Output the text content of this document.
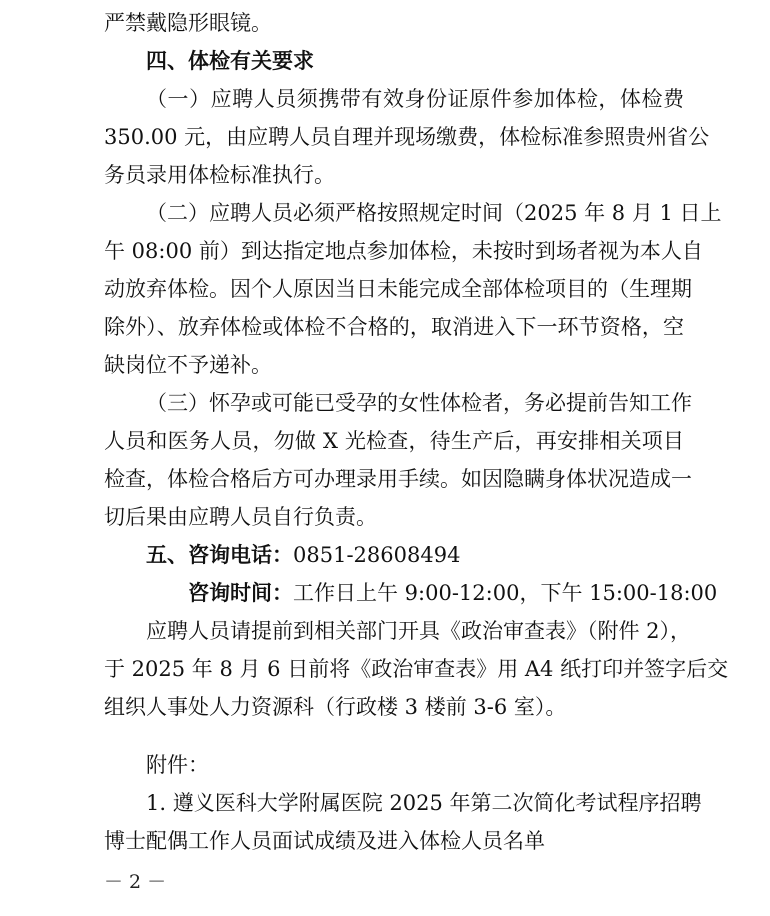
严禁戴隐形眼镜。
四、体检有关要求
（一）应聘人员须携带有效身份证原件参加体检，体检费
350.00 元，由应聘人员自理并现场缴费，体检标准参照贵州省公
务员录用体检标准执行。
（二）应聘人员必须严格按照规定时间（2025 年 8 月 1 日上
午 08:00 前）到达指定地点参加体检，未按时到场者视为本人自
动放弃体检。因个人原因当日未能完成全部体检项目的（生理期
除外）、放弃体检或体检不合格的，取消进入下一环节资格，空
缺岗位不予递补。
（三）怀孕或可能已受孕的女性体检者，务必提前告知工作
人员和医务人员，勿做 X 光检查，待生产后，再安排相关项目
检查，体检合格后方可办理录用手续。如因隐瞒身体状况造成一
切后果由应聘人员自行负责。
五、咨询电话：0851-28608494
咨询时间：工作日上午 9:00-12:00，下午 15:00-18:00
应聘人员请提前到相关部门开具《政治审查表》（附件 2），
于 2025 年 8 月 6 日前将《政治审查表》用 A4 纸打印并签字后交
组织人事处人力资源科（行政楼 3 楼前 3-6 室）。
附件：
1. 遵义医科大学附属医院 2025 年第二次简化考试程序招聘
博士配偶工作人员面试成绩及进入体检人员名单
－ 2 －
